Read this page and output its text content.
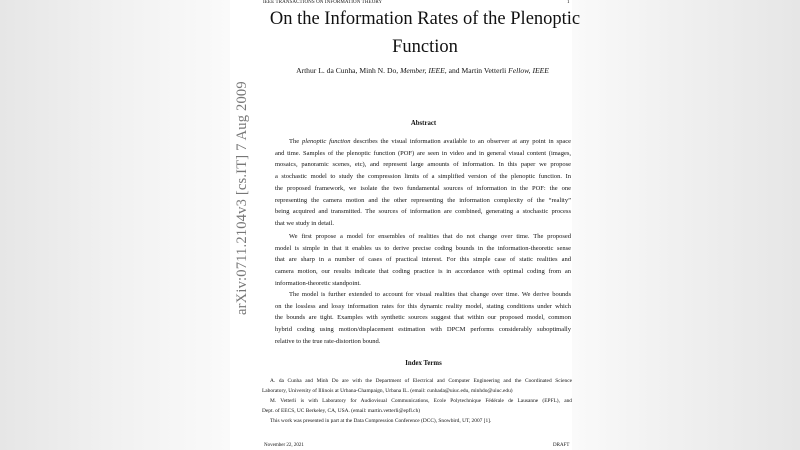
IEEE TRANSACTIONS ON INFORMATION THEORY	1
On the Information Rates of the Plenoptic
Function
Arthur L. da Cunha, Minh N. Do, Member, IEEE, and Martin Vetterli Fellow, IEEE
arXiv:0711.2104v3 [cs.IT] 7 Aug 2009	Abstract
The plenoptic function describes the visual information available to an observer at any point in space
and time. Samples of the plenoptic function (POF) are seen in video and in general visual content (images,
mosaics, panoramic scenes, etc), and represent large amounts of information. In this paper we propose
a stochastic model to study the compression limits of a simplified version of the plenoptic function. In
the proposed framework, we isolate the two fundamental sources of information in the POF: the one
representing the camera motion and the other representing the information complexity of the “reality”
being acquired and transmitted. The sources of information are combined, generating a stochastic process
that we study in detail.
We first propose a model for ensembles of realities that do not change over time. The proposed
model is simple in that it enables us to derive precise coding bounds in the information-theoretic sense
that are sharp in a number of cases of practical interest. For this simple case of static realities and
camera motion, our results indicate that coding practice is in accordance with optimal coding from an
information-theoretic standpoint.
The model is further extended to account for visual realities that change over time. We derive bounds
on the lossless and lossy information rates for this dynamic reality model, stating conditions under which
the bounds are tight. Examples with synthetic sources suggest that within our proposed model, common
hybrid coding using motion/displacement estimation with DPCM performs considerably suboptimally
relative to the true rate-distortion bound.
Index Terms
A. da Cunha and Minh Do are with the Department of Electrical and Computer Engineering and the Coordinated Science
Laboratory, University of Illinois at Urbana-Champaign, Urbana IL. (email: cunhada@uiuc.edu, minhdo@uiuc.edu)
M. Vetterli is with Laboratory for Audiovisual Communications, Ecole Polytechnique Fédérale de Lausanne (EPFL), and
Dept. of EECS, UC Berkeley, CA, USA. (email: martin.vetterli@epfl.ch)
This work was presented in part at the Data Compression Conference (DCC), Snowbird, UT, 2007 [1].
November 22, 2021	DRAFT
